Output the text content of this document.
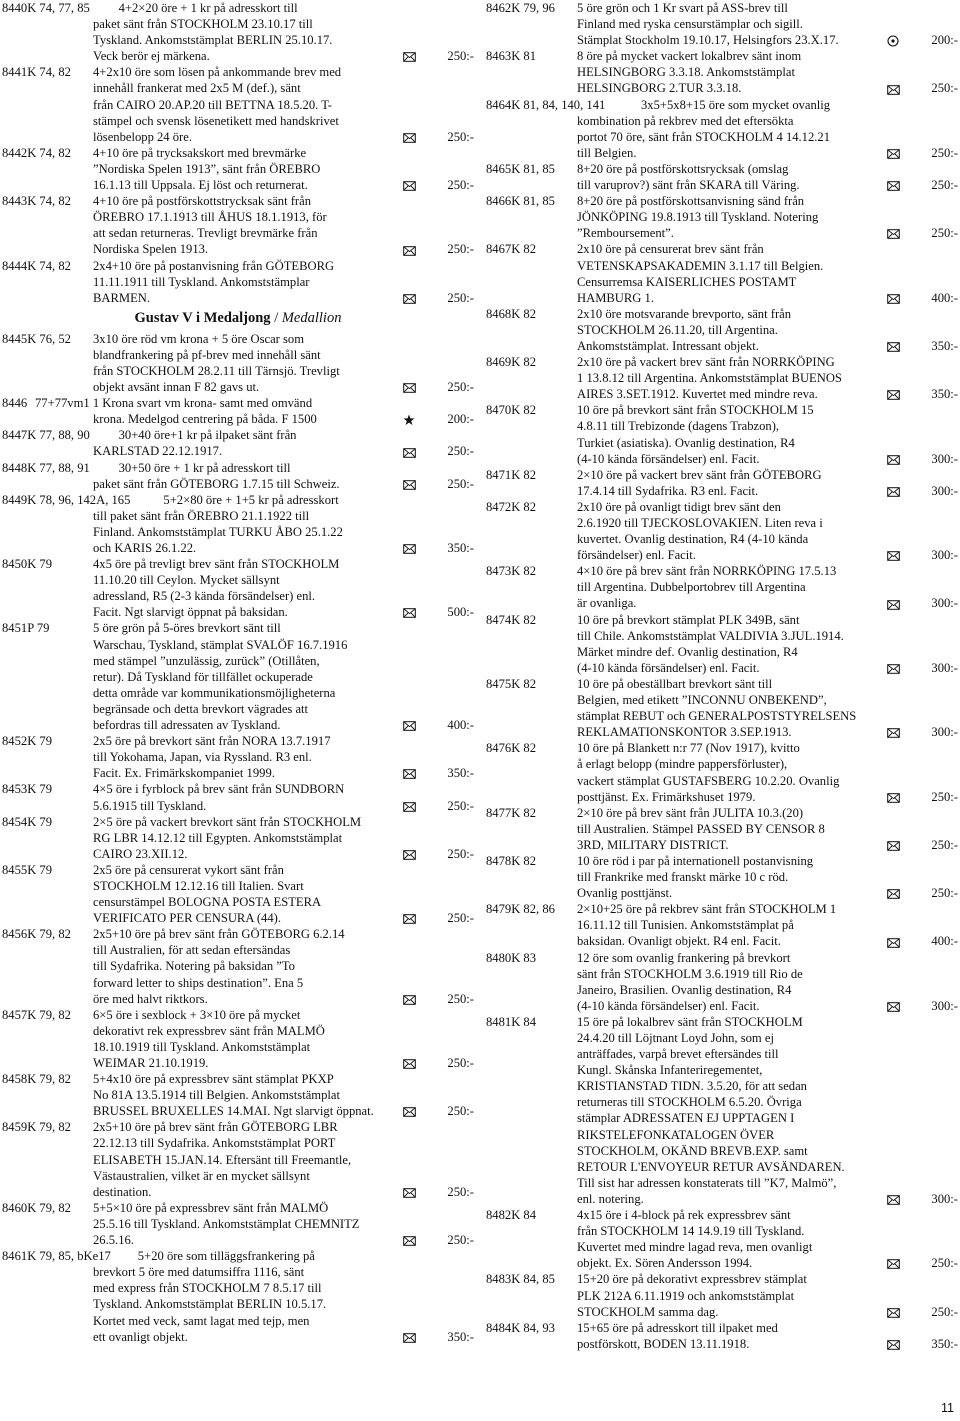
8440K 74, 77, 85	4+2×20 öre + 1 kr på adresskort till
paket sänt från STOCKHOLM 23.10.17 till
Tyskland. Ankomststämplat BERLIN 25.10.17.
Veck berör ej märkena.	250:-
8441K 74, 82 4+2x10 öre som lösen på ankommande brev med
innehåll frankerat med 2x5 M (def.), sänt
från CAIRO 20.AP.20 till BETTNA 18.5.20. T-
stämpel och svensk lösenetikett med handskrivet
lösenbelopp 24 öre.	250:-
8442K 74, 82 4+10 öre på trycksakskort med brevmärke
”Nordiska Spelen 1913”, sänt från ÖREBRO
16.1.13 till Uppsala. Ej löst och returnerat.	250:-
8443K 74, 82 4+10 öre på postförskottstrycksak sänt från
ÖREBRO 17.1.1913 till ÅHUS 18.1.1913, för
att sedan returneras. Trevligt brevmärke från
Nordiska Spelen 1913.	250:-
8444K 74, 82 2x4+10 öre på postanvisning från GÖTEBORG
11.11.1911 till Tyskland. Ankomststämplar
BARMEN.	250:-
Gustav V i Medaljong / Medallion
8445K 76, 52 3x10 öre röd vm krona + 5 öre Oscar som
blandfrankering på pf-brev med innehåll sänt
från STOCKHOLM 28.2.11 till Tärnsjö. Trevligt
objekt avsänt innan F 82 gavs ut.	250:-
8446 77+77vm1 1 Krona svart vm krona- samt med omvänd
krona. Medelgod centrering på båda. F 1500	200:-
8447K 77, 88, 90	30+40 öre+1 kr på ilpaket sänt från
KARLSTAD 22.12.1917.	250:-
8448K 77, 88, 91	30+50 öre + 1 kr på adresskort till
paket sänt från GÖTEBORG 1.7.15 till Schweiz.	250:-
8449K 78, 96, 142A, 165	5+2×80 öre + 1+5 kr på adresskort
till paket sänt från ÖREBRO 21.1.1922 till
Finland. Ankomststämplat TURKU ÅBO 25.1.22
och KARIS 26.1.22.	350:-
8450K 79	4x5 öre på trevligt brev sänt från STOCKHOLM
11.10.20 till Ceylon. Mycket sällsynt
adressland, R5 (2-3 kända försändelser) enl.
Facit. Ngt slarvigt öppnat på baksidan.	500:-
8451P 79	5 öre grön på 5-öres brevkort sänt till
Warschau, Tyskland, stämplat SVALÖF 16.7.1916
med stämpel ”unzulässig, zurück” (Otillåten,
retur). Då Tyskland för tillfället ockuperade
detta område var kommunikationsmöjligheterna
begränsade och detta brevkort vägrades att
befordras till adressaten av Tyskland.	400:-
8452K 79	2x5 öre på brevkort sänt från NORA 13.7.1917
till Yokohama, Japan, via Ryssland. R3 enl.
Facit. Ex. Frimärkskompaniet 1999.	350:-
8453K 79	4×5 öre i fyrblock på brev sänt från SUNDBORN
5.6.1915 till Tyskland.	250:-
8454K 79	2×5 öre på vackert brevkort sänt från STOCKHOLM
RG LBR 14.12.12 till Egypten. Ankomststämplat
CAIRO 23.XII.12.	250:-
8455K 79	2x5 öre på censurerat vykort sänt från
STOCKHOLM 12.12.16 till Italien. Svart
censurstämpel BOLOGNA POSTA ESTERA
VERIFICATO PER CENSURA (44).	250:-
8456K 79, 82 2x5+10 öre på brev sänt från GÖTEBORG 6.2.14
till Australien, för att sedan eftersändas
till Sydafrika. Notering på baksidan ”To
forward letter to ships destination”. Ena 5
öre med halvt riktkors.	250:-
8457K 79, 82 6×5 öre i sexblock + 3×10 öre på mycket
dekorativt rek expressbrev sänt från MALMÖ
18.10.1919 till Tyskland. Ankomststämplat
WEIMAR 21.10.1919.	250:-
8458K 79, 82 5+4x10 öre på expressbrev sänt stämplat PKXP
No 81A 13.5.1914 till Belgien. Ankomststämplat
BRUSSEL BRUXELLES 14.MAI. Ngt slarvigt öppnat.	250:-
8459K 79, 82 2x5+10 öre på brev sänt från GÖTEBORG LBR
22.12.13 till Sydafrika. Ankomststämplat PORT
ELISABETH 15.JAN.14. Eftersänt till Freemantle,
Västaustralien, vilket är en mycket sällsynt
destination.	250:-
8460K 79, 82 5+5×10 öre på expressbrev sänt från MALMÖ
25.5.16 till Tyskland. Ankomststämplat CHEMNITZ
26.5.16.	250:-
8461K 79, 85, bKe17	5+20 öre som tilläggsfrankering på
brevkort 5 öre med datumsiffra 1116, sänt
med express från STOCKHOLM 7 8.5.17 till
Tyskland. Ankomststämplat BERLIN 10.5.17.
Kortet med veck, samt lagat med tejp, men
ett ovanligt objekt.	350:-
8462K 79, 96 5 öre grön och 1 Kr svart på ASS-brev till
Finland med ryska censurstämplar och sigill.
Stämplat Stockholm 19.10.17, Helsingfors 23.X.17.	200:-
8463K 81	8 öre på mycket vackert lokalbrev sänt inom
HELSINGBORG 3.3.18. Ankomststämplat
HELSINGBORG 2.TUR 3.3.18.	250:-
8464K 81, 84, 140, 141	3x5+5x8+15 öre som mycket ovanlig
kombination på rekbrev med det eftersökta
portot 70 öre, sänt från STOCKHOLM 4 14.12.21
till Belgien.	250:-
8465K 81, 85 8+20 öre på postförskottsrycksak (omslag
till varuprov?) sänt från SKARA till Väring.	250:-
8466K 81, 85 8+20 öre på postförskottsanvisning sänd från
JÖNKÖPING 19.8.1913 till Tyskland. Notering
”Remboursement”.	250:-
8467K 82	2x10 öre på censurerat brev sänt från
VETENSKAPSAKADEMIN 3.1.17 till Belgien.
Censurremsa KAISERLICHES POSTAMT
HAMBURG 1.	400:-
8468K 82	2x10 öre motsvarande brevporto, sänt från
STOCKHOLM 26.11.20, till Argentina.
Ankomststämplat. Intressant objekt.	350:-
8469K 82	2x10 öre på vackert brev sänt från NORRKÖPING
1 13.8.12 till Argentina. Ankomststämplat BUENOS
AIRES 3.SET.1912. Kuvertet med mindre reva.	350:-
8470K 82	10 öre på brevkort sänt från STOCKHOLM 15
4.8.11 till Trebizonde (dagens Trabzon),
Turkiet (asiatiska). Ovanlig destination, R4
(4-10 kända försändelser) enl. Facit.	300:-
8471K 82	2×10 öre på vackert brev sänt från GÖTEBORG
17.4.14 till Sydafrika. R3 enl. Facit.	300:-
8472K 82	2x10 öre på ovanligt tidigt brev sänt den
2.6.1920 till TJECKOSLOVAKIEN. Liten reva i
kuvertet. Ovanlig destination, R4 (4-10 kända
försändelser) enl. Facit.	300:-
8473K 82	4×10 öre på brev sänt från NORRKÖPING 17.5.13
till Argentina. Dubbelportobrev till Argentina
är ovanliga.	300:-
8474K 82	10 öre på brevkort stämplat PLK 349B, sänt
till Chile. Ankomststämplat VALDIVIA 3.JUL.1914.
Märket mindre def. Ovanlig destination, R4
(4-10 kända försändelser) enl. Facit.	300:-
8475K 82	10 öre på obeställbart brevkort sänt till
Belgien, med etikett ”INCONNU ONBEKEND”,
stämplat REBUT och GENERALPOSTSTYRELSENS
REKLAMATIONSKONTOR 3.SEP.1913.	300:-
8476K 82	10 öre på Blankett n:r 77 (Nov 1917), kvitto
å erlagt belopp (mindre pappersförluster),
vackert stämplat GUSTAFSBERG 10.2.20. Ovanlig
posttjänst. Ex. Frimärkshuset 1979.	250:-
8477K 82	2×10 öre på brev sänt från JULITA 10.3.(20)
till Australien. Stämpel PASSED BY CENSOR 8
3RD, MILITARY DISTRICT.	250:-
8478K 82	10 öre röd i par på internationell postanvisning
till Frankrike med franskt märke 10 c röd.
Ovanlig posttjänst.	250:-
8479K 82, 86 2×10+25 öre på rekbrev sänt från STOCKHOLM 1
16.11.12 till Tunisien. Ankomststämplat på
baksidan. Ovanligt objekt. R4 enl. Facit.	400:-
8480K 83	12 öre som ovanlig frankering på brevkort
sänt från STOCKHOLM 3.6.1919 till Rio de
Janeiro, Brasilien. Ovanlig destination, R4
(4-10 kända försändelser) enl. Facit.	300:-
8481K 84	15 öre på lokalbrev sänt från STOCKHOLM
24.4.20 till Löjtnant Loyd John, som ej
anträffades, varpå brevet eftersändes till
Kungl. Skånska Infanteriregementet,
KRISTIANSTAD TIDN. 3.5.20, för att sedan
returneras till STOCKHOLM 6.5.20. Övriga
stämplar ADRESSATEN EJ UPPTAGEN I
RIKSTELEFONKATALOGEN ÖVER
STOCKHOLM, OKÄND BREVB.EXP. samt
RETOUR L'ENVOYEUR RETUR AVSÄNDAREN.
Till sist har adressen konstaterats till ”K7, Malmö”,
enl. notering.	300:-
8482K 84	4x15 öre i 4-block på rek expressbrev sänt
från STOCKHOLM 14 14.9.19 till Tyskland.
Kuvertet med mindre lagad reva, men ovanligt
objekt. Ex. Sören Andersson 1994.	250:-
8483K 84, 85 15+20 öre på dekorativt expressbrev stämplat
PLK 212A 6.11.1919 och ankomststämplat
STOCKHOLM samma dag.	250:-
8484K 84, 93 15+65 öre på adresskort till ilpaket med
postförskott, BODEN 13.11.1918.	350:-
11
